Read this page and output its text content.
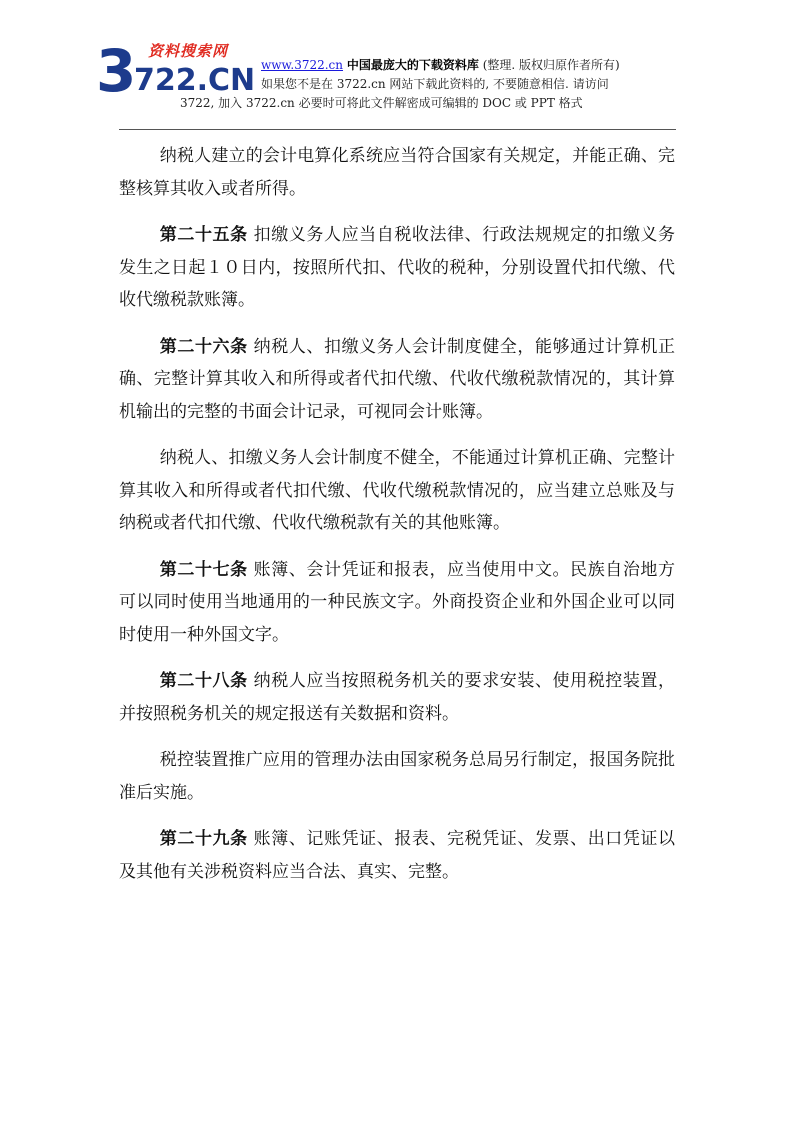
3
722.CN
资料搜索网
www.3722.cn 中国最庞大的下载资料库 (整理. 版权归原作者所有)
如果您不是在 3722.cn 网站下载此资料的, 不要随意相信. 请访问
3722, 加入 3722.cn 必要时可将此文件解密成可编辑的 DOC 或 PPT 格式

纳税人建立的会计电算化系统应当符合国家有关规定，并能正确、完整核算其收入或者所得。

第二十五条 扣缴义务人应当自税收法律、行政法规规定的扣缴义务发生之日起１０日内，按照所代扣、代收的税种，分别设置代扣代缴、代收代缴税款账簿。

第二十六条 纳税人、扣缴义务人会计制度健全，能够通过计算机正确、完整计算其收入和所得或者代扣代缴、代收代缴税款情况的，其计算机输出的完整的书面会计记录，可视同会计账簿。

纳税人、扣缴义务人会计制度不健全，不能通过计算机正确、完整计算其收入和所得或者代扣代缴、代收代缴税款情况的，应当建立总账及与纳税或者代扣代缴、代收代缴税款有关的其他账簿。

第二十七条 账簿、会计凭证和报表，应当使用中文。民族自治地方可以同时使用当地通用的一种民族文字。外商投资企业和外国企业可以同时使用一种外国文字。

第二十八条 纳税人应当按照税务机关的要求安装、使用税控装置，并按照税务机关的规定报送有关数据和资料。

税控装置推广应用的管理办法由国家税务总局另行制定，报国务院批准后实施。

第二十九条 账簿、记账凭证、报表、完税凭证、发票、出口凭证以及其他有关涉税资料应当合法、真实、完整。
